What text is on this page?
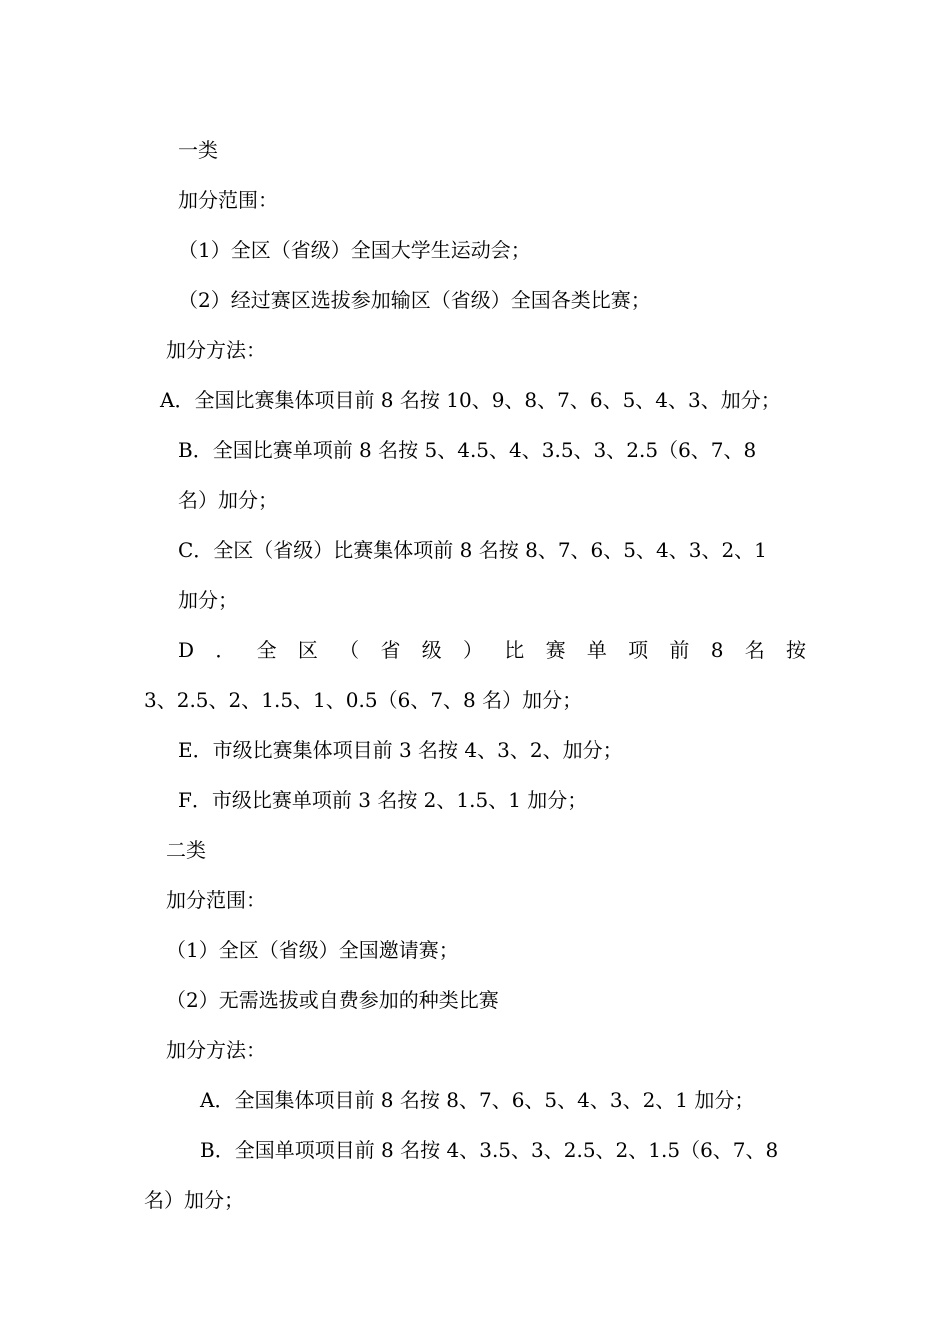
一类
加分范围：
（1）全区（省级）全国大学生运动会；
（2）经过赛区选拔参加输区（省级）全国各类比赛；
加分方法：
A．全国比赛集体项目前 8 名按 10、9、8、7、6、5、4、3、加分；
B．全国比赛单项前 8 名按 5、4.5、4、3.5、3、2.5（6、7、8
名）加分；
C．全区（省级）比赛集体项前 8 名按 8、7、6、5、4、3、2、1
加分；
D ． 全 区 （ 省 级 ） 比 赛 单 项 前 8 名 按
3、2.5、2、1.5、1、0.5（6、7、8 名）加分；
E．市级比赛集体项目前 3 名按 4、3、2、加分；
F．市级比赛单项前 3 名按 2、1.5、1 加分；
二类
加分范围：
（1）全区（省级）全国邀请赛；
（2）无需选拔或自费参加的种类比赛
加分方法：
A．全国集体项目前 8 名按 8、7、6、5、4、3、2、1 加分；
B．全国单项项目前 8 名按 4、3.5、3、2.5、2、1.5（6、7、8
名）加分；
